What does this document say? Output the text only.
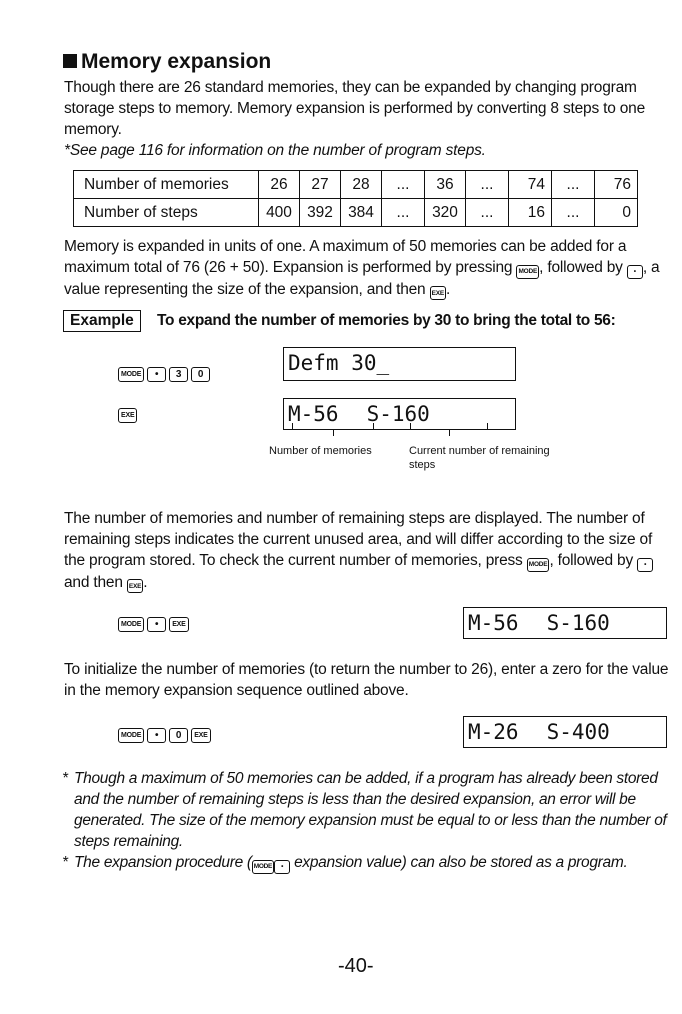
Memory expansion

Though there are 26 standard memories, they can be expanded by changing program storage steps to memory. Memory expansion is performed by converting 8 steps to one memory.

*See page 116 for information on the number of program steps.

Number of memories	26	27	28	...	36	...	74	...	76
Number of steps	400	392	384	...	320	...	16	...	0

Memory is expanded in units of one. A maximum of 50 memories can be added for a maximum total of 76 (26 + 50). Expansion is performed by pressing MODE , followed by • , a value representing the size of the expansion, and then EXE .

Example	To expand the number of memories by 30 to bring the total to 56:
MODE	•	3	0	Defm 30_
EXE	M-56 S-160
Number of memories	Current number of remaining
steps

The number of memories and number of remaining steps are displayed. The number of remaining steps indicates the current unused area, and will differ according to the size of the program stored. To check the current number of memories, press MODE , followed by • and then EXE .

MODE	•	EXE	M-56 S-160

To initialize the number of memories (to return the number to 26), enter a zero for the value in the memory expansion sequence outlined above.

MODE	•	0	EXE	M-26 S-400
* Though a maximum of 50 memories can be added, if a program has already been stored and the number of remaining steps is less than the desired expansion, an error will be generated. The size of the memory expansion must be equal to or less than the number of steps remaining.
* The expansion procedure ( MODE • expansion value) can also be stored as a program.
-40-
